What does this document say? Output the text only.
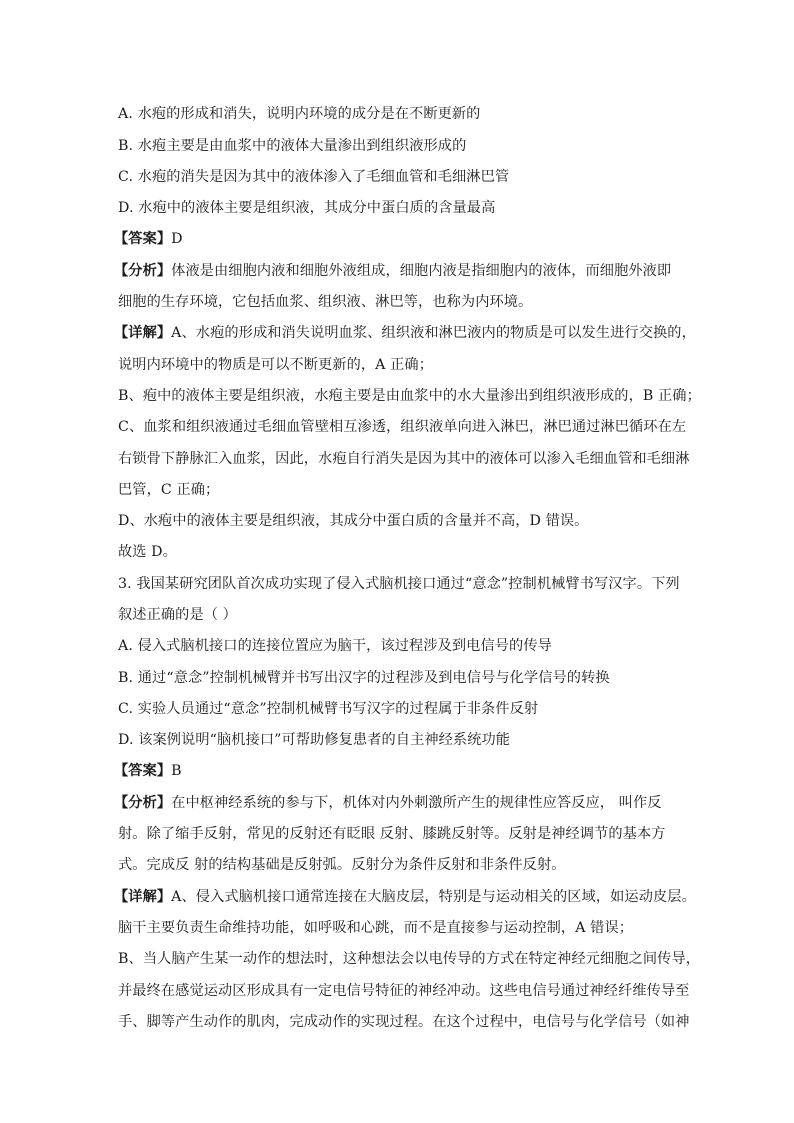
A. 水疱的形成和消失，说明内环境的成分是在不断更新的
B. 水疱主要是由血浆中的液体大量渗出到组织液形成的
C. 水疱的消失是因为其中的液体渗入了毛细血管和毛细淋巴管
D. 水疱中的液体主要是组织液，其成分中蛋白质的含量最高
【答案】D
【分析】体液是由细胞内液和细胞外液组成，细胞内液是指细胞内的液体，而细胞外液即
细胞的生存环境，它包括血浆、组织液、淋巴等，也称为内环境。
【详解】A、水疱的形成和消失说明血浆、组织液和淋巴液内的物质是可以发生进行交换的，
说明内环境中的物质是可以不断更新的，A 正确；
B、疱中的液体主要是组织液，水疱主要是由血浆中的水大量渗出到组织液形成的，B 正确；
C、血浆和组织液通过毛细血管壁相互渗透，组织液单向进入淋巴，淋巴通过淋巴循环在左
右锁骨下静脉汇入血浆，因此，水疱自行消失是因为其中的液体可以渗入毛细血管和毛细淋
巴管，C 正确；
D、水疱中的液体主要是组织液，其成分中蛋白质的含量并不高，D 错误。
故选 D。
3. 我国某研究团队首次成功实现了侵入式脑机接口通过“意念”控制机械臂书写汉字。下列
叙述正确的是（ ）
A. 侵入式脑机接口的连接位置应为脑干，该过程涉及到电信号的传导
B. 通过“意念”控制机械臂并书写出汉字的过程涉及到电信号与化学信号的转换
C. 实验人员通过“意念”控制机械臂书写汉字的过程属于非条件反射
D. 该案例说明“脑机接口”可帮助修复患者的自主神经系统功能
【答案】B
【分析】在中枢神经系统的参与下，机体对内外刺激所产生的规律性应答反应， 叫作反
射。除了缩手反射，常见的反射还有眨眼 反射、膝跳反射等。反射是神经调节的基本方
式。完成反 射的结构基础是反射弧。反射分为条件反射和非条件反射。
【详解】A、侵入式脑机接口通常连接在大脑皮层，特别是与运动相关的区域，如运动皮层。
脑干主要负责生命维持功能，如呼吸和心跳，而不是直接参与运动控制，A 错误；
B、当人脑产生某一动作的想法时，这种想法会以电传导的方式在特定神经元细胞之间传导，
并最终在感觉运动区形成具有一定电信号特征的神经冲动。这些电信号通过神经纤维传导至
手、脚等产生动作的肌肉，完成动作的实现过程。在这个过程中，电信号与化学信号（如神
